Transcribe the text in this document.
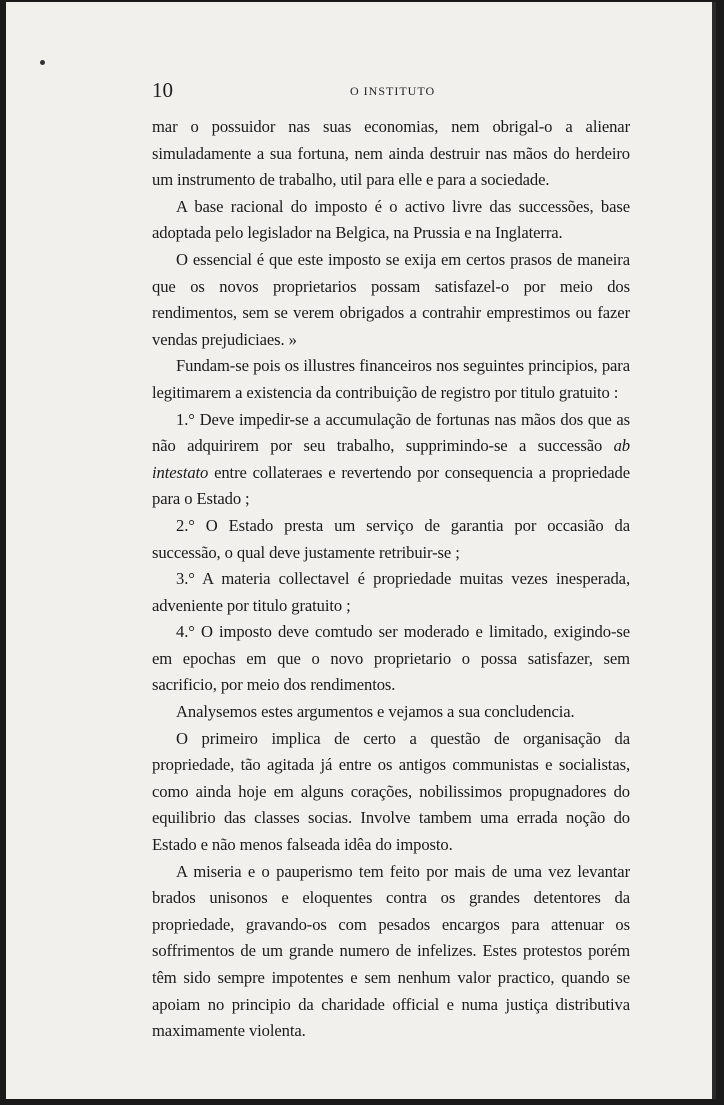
10	O INSTITUTO

mar o possuidor nas suas economias, nem obrigal-o a alienar simuladamente a sua fortuna, nem ainda destruir nas mãos do herdeiro um instrumento de trabalho, util para elle e para a sociedade.

A base racional do imposto é o activo livre das successões, base adoptada pelo legislador na Belgica, na Prussia e na Inglaterra.

O essencial é que este imposto se exija em certos prasos de maneira que os novos proprietarios possam satisfazel-o por meio dos rendimentos, sem se verem obrigados a contrahir emprestimos ou fazer vendas prejudiciaes. »

Fundam-se pois os illustres financeiros nos seguintes principios, para legitimarem a existencia da contribuição de registro por titulo gratuito :

1.° Deve impedir-se a accumulação de fortunas nas mãos dos que as não adquirirem por seu trabalho, supprimindo-se a successão ab intestato entre collateraes e revertendo por consequencia a propriedade para o Estado ;

2.° O Estado presta um serviço de garantia por occasião da successão, o qual deve justamente retribuir-se ;

3.° A materia collectavel é propriedade muitas vezes inesperada, adveniente por titulo gratuito ;

4.° O imposto deve comtudo ser moderado e limitado, exigindo-se em epochas em que o novo proprietario o possa satisfazer, sem sacrificio, por meio dos rendimentos.

Analysemos estes argumentos e vejamos a sua concludencia.

O primeiro implica de certo a questão de organisação da propriedade, tão agitada já entre os antigos communistas e socialistas, como ainda hoje em alguns corações, nobilissimos propugnadores do equilibrio das classes socias. Involve tambem uma errada noção do Estado e não menos falseada idêa do imposto.

A miseria e o pauperismo tem feito por mais de uma vez levantar brados unisonos e eloquentes contra os grandes detentores da propriedade, gravando-os com pesados encargos para attenuar os soffrimentos de um grande numero de infelizes. Estes protestos porém têm sido sempre impotentes e sem nenhum valor practico, quando se apoiam no principio da charidade official e numa justiça distributiva maximamente violenta.
